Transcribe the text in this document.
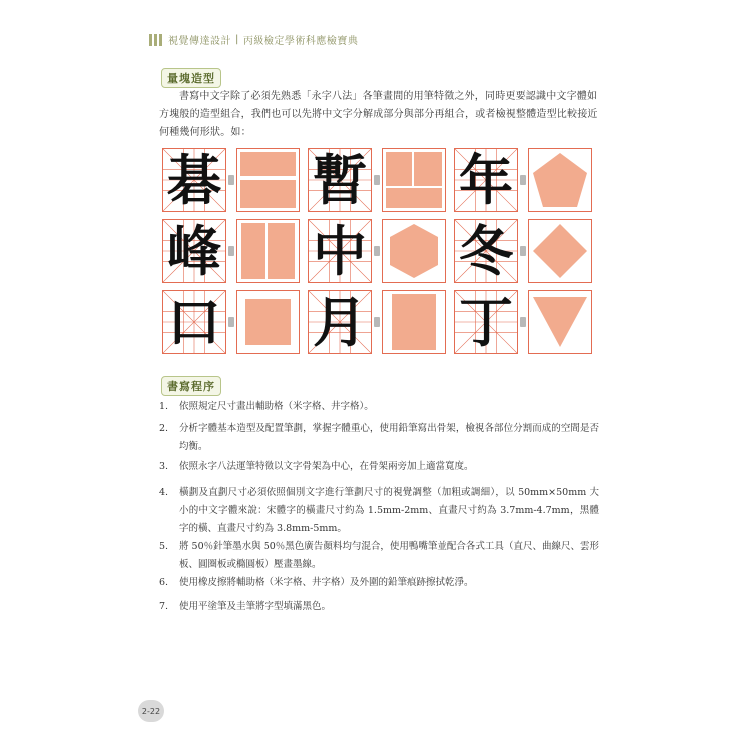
視覺傳達設計 | 丙級檢定學術科應檢寶典
量塊造型
書寫中文字除了必須先熟悉「永字八法」各筆畫間的用筆特徵之外，同時更要認識中文字體如方塊般的造型組合，我們也可以先將中文字分解成部分與部分再組合，或者檢視整體造型比較接近何種幾何形狀。如：
碁 暫 年
峰 中 冬
口 月 丁
書寫程序
1. 依照規定尺寸畫出輔助格（米字格、井字格）。
2. 分析字體基本造型及配置筆劃，掌握字體重心，使用鉛筆寫出骨架，檢視各部位分割而成的空間是否均衡。
3. 依照永字八法運筆特徵以文字骨架為中心，在骨架兩旁加上適當寬度。
4. 橫劃及直劃尺寸必須依照個別文字進行筆劃尺寸的視覺調整（加粗或調細），以 50mm×50mm 大小的中文字體來說：宋體字的橫畫尺寸約為 1.5mm-2mm、直畫尺寸約為 3.7mm-4.7mm，黑體字的橫、直畫尺寸約為 3.8mm-5mm。
5. 將 50％針筆墨水與 50％黑色廣告顏料均勻混合，使用鴨嘴筆並配合各式工具（直尺、曲線尺、雲形板、圓圈板或橢圓板）壓畫墨線。
6. 使用橡皮擦將輔助格（米字格、井字格）及外圍的鉛筆痕跡擦拭乾淨。
7. 使用平塗筆及圭筆將字型填滿黑色。
2-22
